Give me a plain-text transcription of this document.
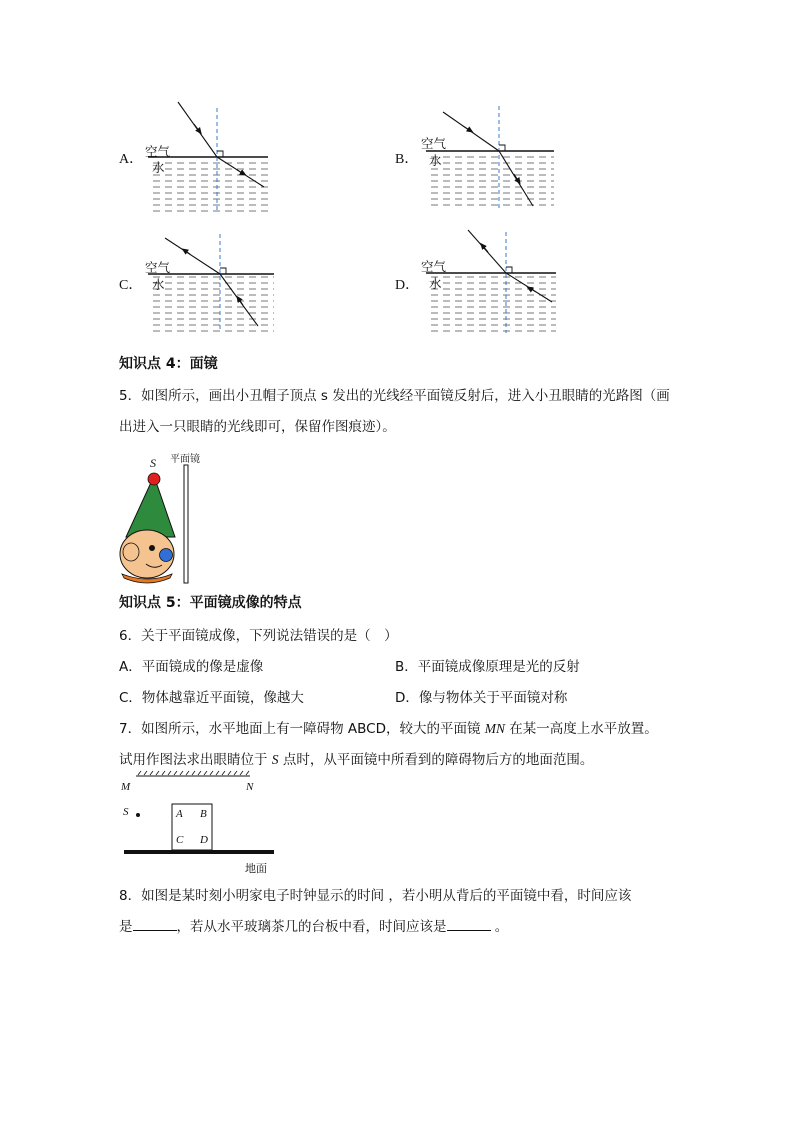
A．
空气
水
B．
空气
水
C．
空气
水	D．
空气
水
知识点 4：面镜
5．如图所示，画出小丑帽子顶点 s 发出的光线经平面镜反射后，进入小丑眼睛的光路图（画
出进入一只眼睛的光线即可，保留作图痕迹）。
S 平面镜
知识点 5：平面镜成像的特点
6．关于平面镜成像，下列说法错误的是（　）
A．平面镜成的像是虚像	B．平面镜成像原理是光的反射
C．物体越靠近平面镜，像越大	D．像与物体关于平面镜对称
7．如图所示，水平地面上有一障碍物 ABCD，较大的平面镜 MN 在某一高度上水平放置。
试用作图法求出眼睛位于 S 点时，从平面镜中所看到的障碍物后方的地面范围。
M	N
S	A B
C D
地面
8．如图是某时刻小明家电子时钟显示的时间 ，若小明从背后的平面镜中看，时间应该
是	，若从水平玻璃茶几的台板中看，时间应该是	。
